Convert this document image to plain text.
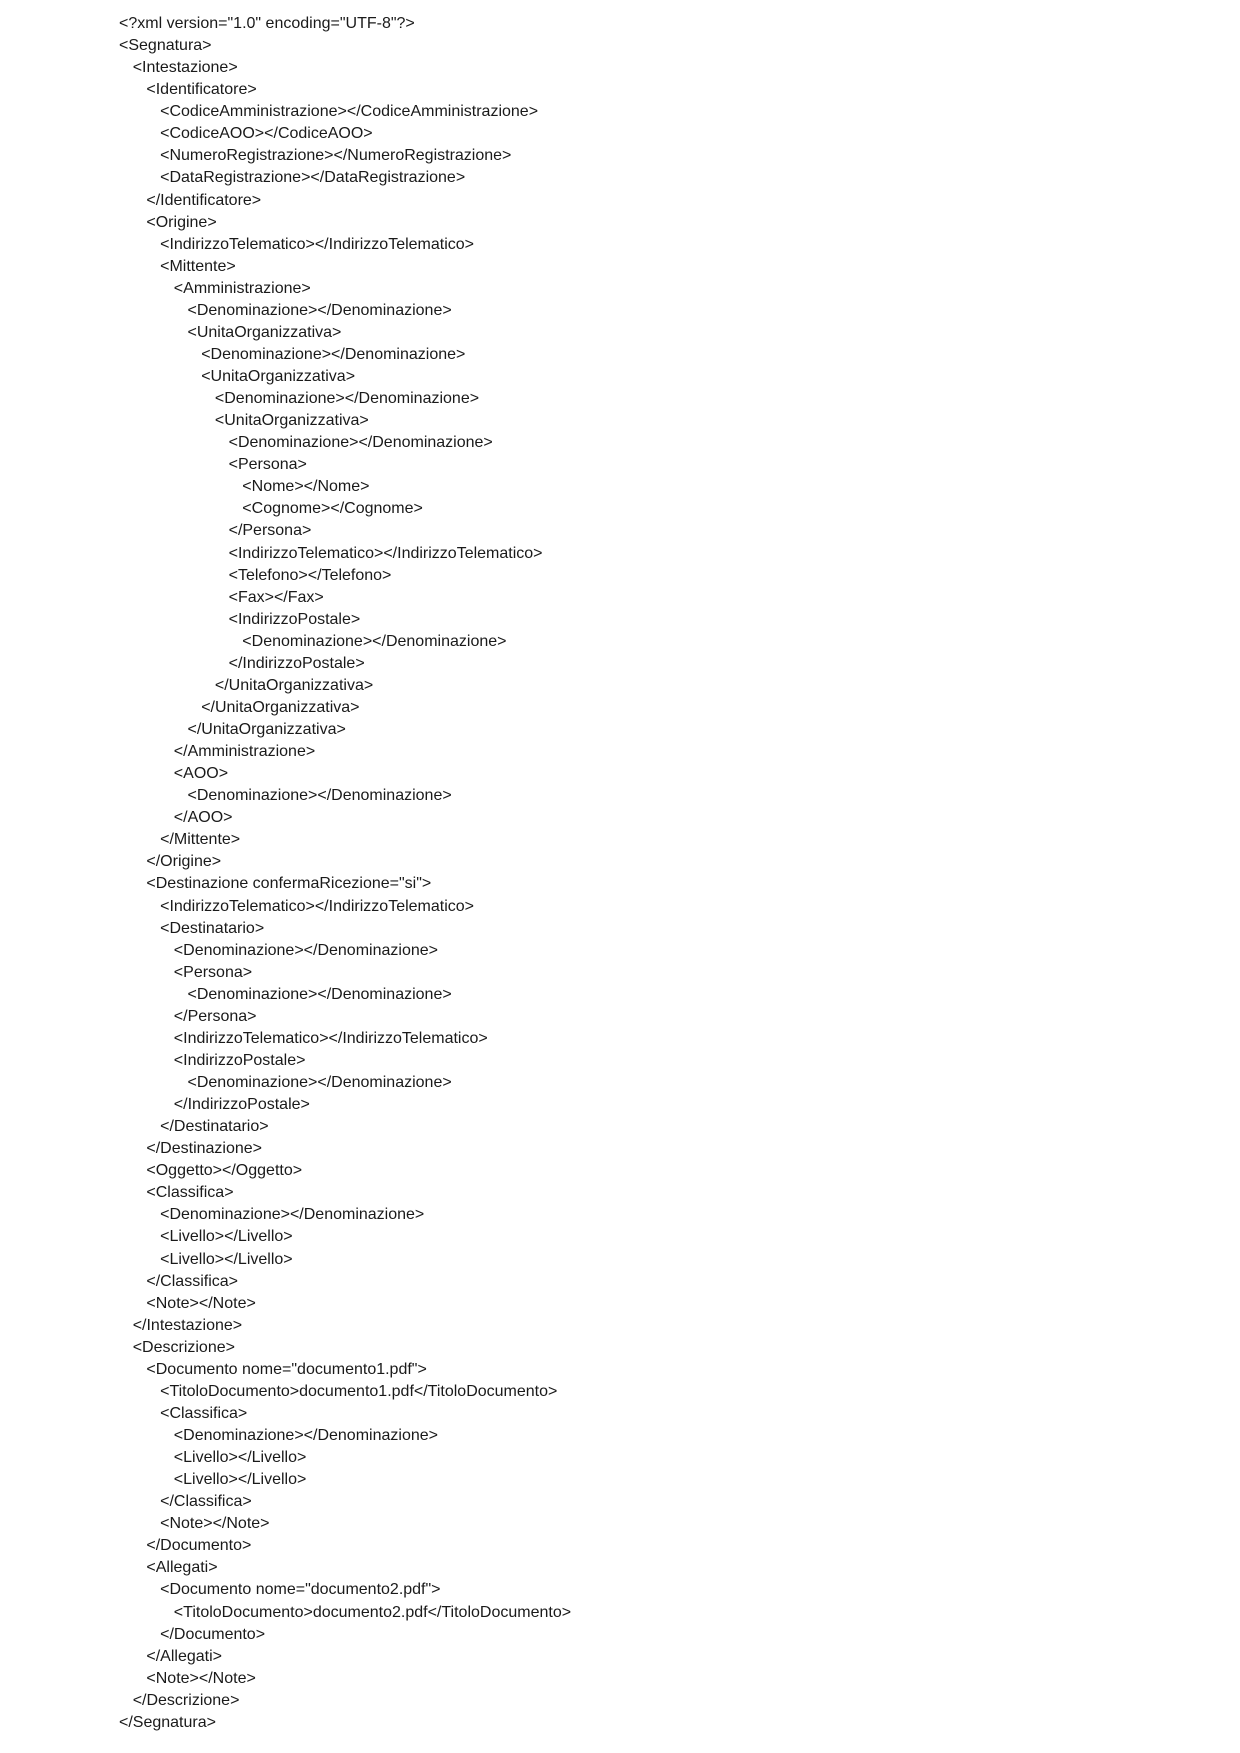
<?xml version="1.0" encoding="UTF-8"?>
<Segnatura>
<Intestazione>
<Identificatore>
<CodiceAmministrazione></CodiceAmministrazione>
<CodiceAOO></CodiceAOO>
<NumeroRegistrazione></NumeroRegistrazione>
<DataRegistrazione></DataRegistrazione>
</Identificatore>
<Origine>
<IndirizzoTelematico></IndirizzoTelematico>
<Mittente>
<Amministrazione>
<Denominazione></Denominazione>
<UnitaOrganizzativa>
<Denominazione></Denominazione>
<UnitaOrganizzativa>
<Denominazione></Denominazione>
<UnitaOrganizzativa>
<Denominazione></Denominazione>
<Persona>
<Nome></Nome>
<Cognome></Cognome>
</Persona>
<IndirizzoTelematico></IndirizzoTelematico>
<Telefono></Telefono>
<Fax></Fax>
<IndirizzoPostale>
<Denominazione></Denominazione>
</IndirizzoPostale>
</UnitaOrganizzativa>
</UnitaOrganizzativa>
</UnitaOrganizzativa>
</Amministrazione>
<AOO>
<Denominazione></Denominazione>
</AOO>
</Mittente>
</Origine>
<Destinazione confermaRicezione="si">
<IndirizzoTelematico></IndirizzoTelematico>
<Destinatario>
<Denominazione></Denominazione>
<Persona>
<Denominazione></Denominazione>
</Persona>
<IndirizzoTelematico></IndirizzoTelematico>
<IndirizzoPostale>
<Denominazione></Denominazione>
</IndirizzoPostale>
</Destinatario>
</Destinazione>
<Oggetto></Oggetto>
<Classifica>
<Denominazione></Denominazione>
<Livello></Livello>
<Livello></Livello>
</Classifica>
<Note></Note>
</Intestazione>
<Descrizione>
<Documento nome="documento1.pdf">
<TitoloDocumento>documento1.pdf</TitoloDocumento>
<Classifica>
<Denominazione></Denominazione>
<Livello></Livello>
<Livello></Livello>
</Classifica>
<Note></Note>
</Documento>
<Allegati>
<Documento nome="documento2.pdf">
<TitoloDocumento>documento2.pdf</TitoloDocumento>
</Documento>
</Allegati>
<Note></Note>
</Descrizione>
</Segnatura>
